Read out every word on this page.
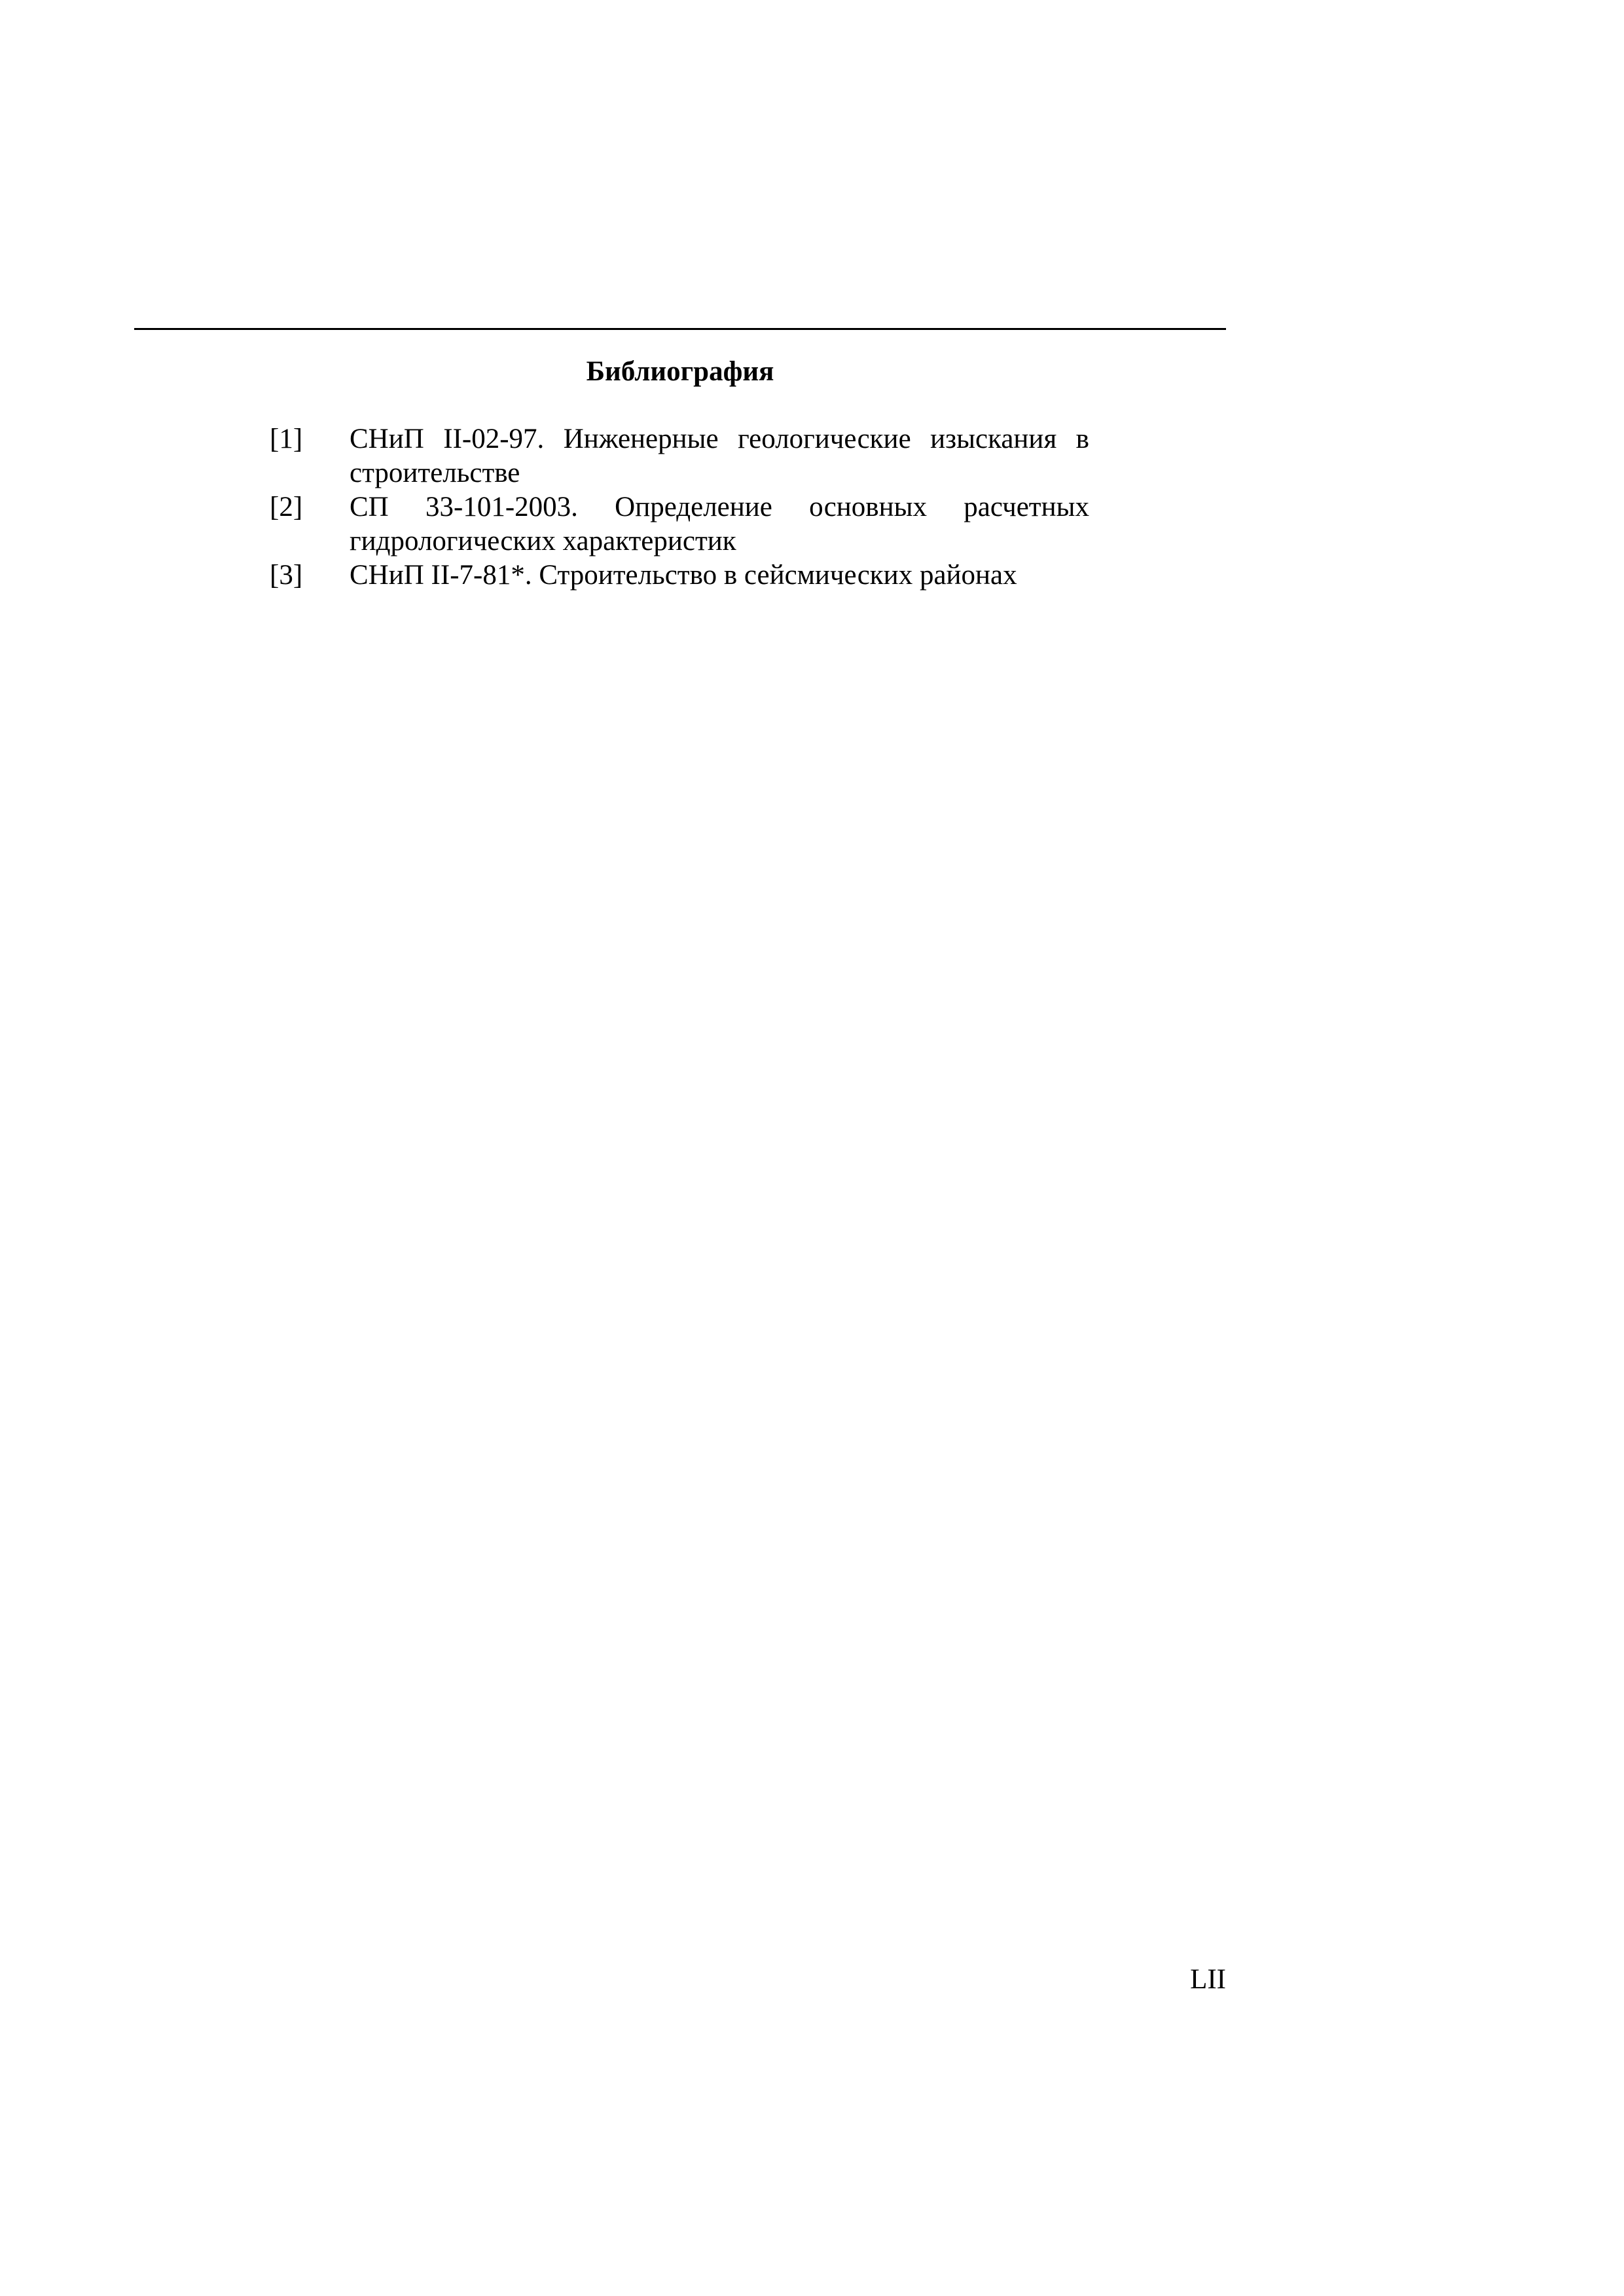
Библиография
[1]	СНиП II-02-97. Инженерные геологические изыскания в строительстве
[2]	СП 33-101-2003. Определение основных расчетных гидрологических характеристик
[3]	СНиП II-7-81*. Строительство в сейсмических районах
LII
